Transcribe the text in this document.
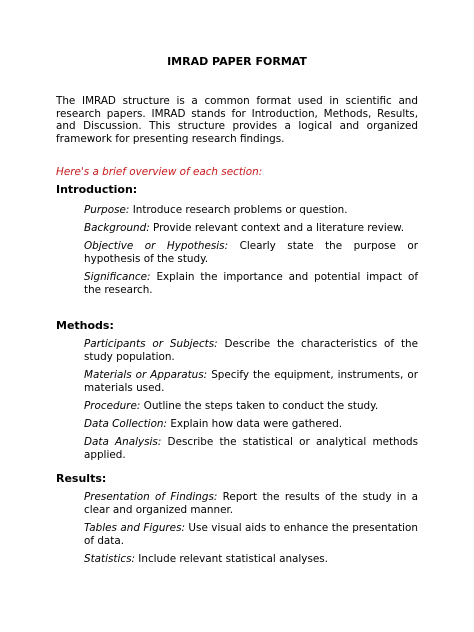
IMRAD PAPER FORMAT
The IMRAD structure is a common format used in scientific and research papers. IMRAD stands for Introduction, Methods, Results, and Discussion. This structure provides a logical and organized framework for presenting research findings.
Here's a brief overview of each section:
Introduction:
Purpose: Introduce research problems or question.
Background: Provide relevant context and a literature review.
Objective or Hypothesis: Clearly state the purpose or hypothesis of the study.
Significance: Explain the importance and potential impact of the research.
Methods:
Participants or Subjects: Describe the characteristics of the study population.
Materials or Apparatus: Specify the equipment, instruments, or materials used.
Procedure: Outline the steps taken to conduct the study.
Data Collection: Explain how data were gathered.
Data Analysis: Describe the statistical or analytical methods applied.
Results:
Presentation of Findings: Report the results of the study in a clear and organized manner.
Tables and Figures: Use visual aids to enhance the presentation of data.
Statistics: Include relevant statistical analyses.
